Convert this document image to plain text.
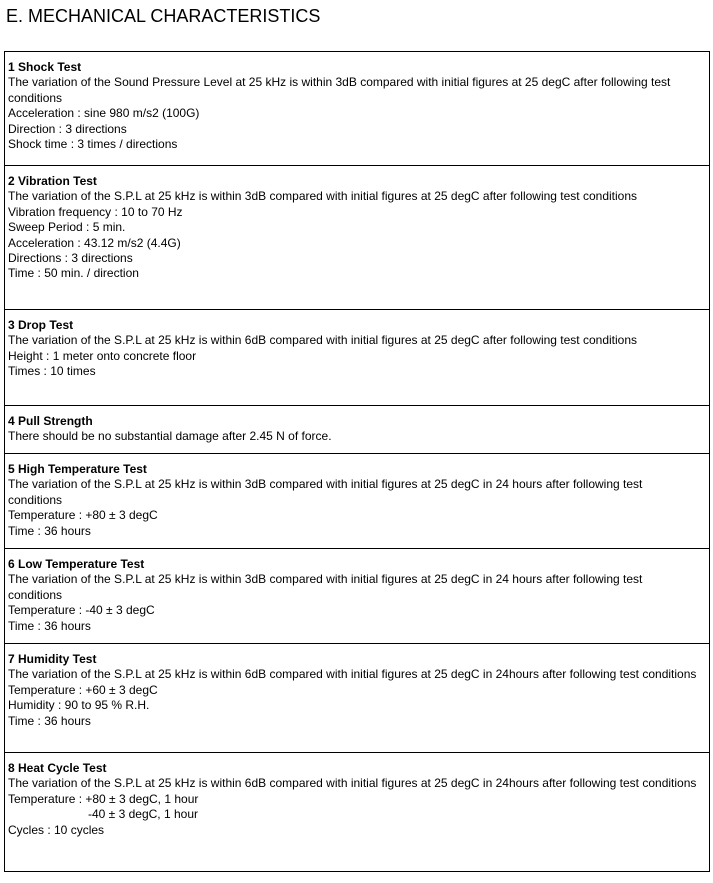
E. MECHANICAL CHARACTERISTICS
1 Shock Test
The variation of the Sound Pressure Level at 25 kHz is within 3dB compared with initial figures at 25 degC after following test conditions
Acceleration : sine 980 m/s2 (100G)
Direction : 3 directions
Shock time : 3 times / directions
2 Vibration Test
The variation of the S.P.L at 25 kHz is within 3dB compared with initial figures at 25 degC after following test conditions
Vibration frequency : 10 to 70 Hz
Sweep Period : 5 min.
Acceleration : 43.12 m/s2 (4.4G)
Directions : 3 directions
Time : 50 min. / direction
3 Drop Test
The variation of the S.P.L at 25 kHz is within 6dB compared with initial figures at 25 degC after following test conditions
Height : 1 meter onto concrete floor
Times : 10 times
4 Pull Strength
There should be no substantial damage after 2.45 N of force.
5 High Temperature Test
The variation of the S.P.L at 25 kHz is within 3dB compared with initial figures at 25 degC in 24 hours after following test conditions
Temperature : +80 ± 3 degC
Time : 36 hours
6 Low Temperature Test
The variation of the S.P.L at 25 kHz is within 3dB compared with initial figures at 25 degC in 24 hours after following test conditions
Temperature : -40 ± 3 degC
Time : 36 hours
7 Humidity Test
The variation of the S.P.L at 25 kHz is within 6dB compared with initial figures at 25 degC in 24hours after following test conditions
Temperature : +60 ± 3 degC
Humidity : 90 to 95 % R.H.
Time : 36 hours
8 Heat Cycle Test
The variation of the S.P.L at 25 kHz is within 6dB compared with initial figures at 25 degC in 24hours after following test conditions
Temperature : +80 ± 3 degC, 1 hour
-40 ± 3 degC, 1 hour
Cycles : 10 cycles
